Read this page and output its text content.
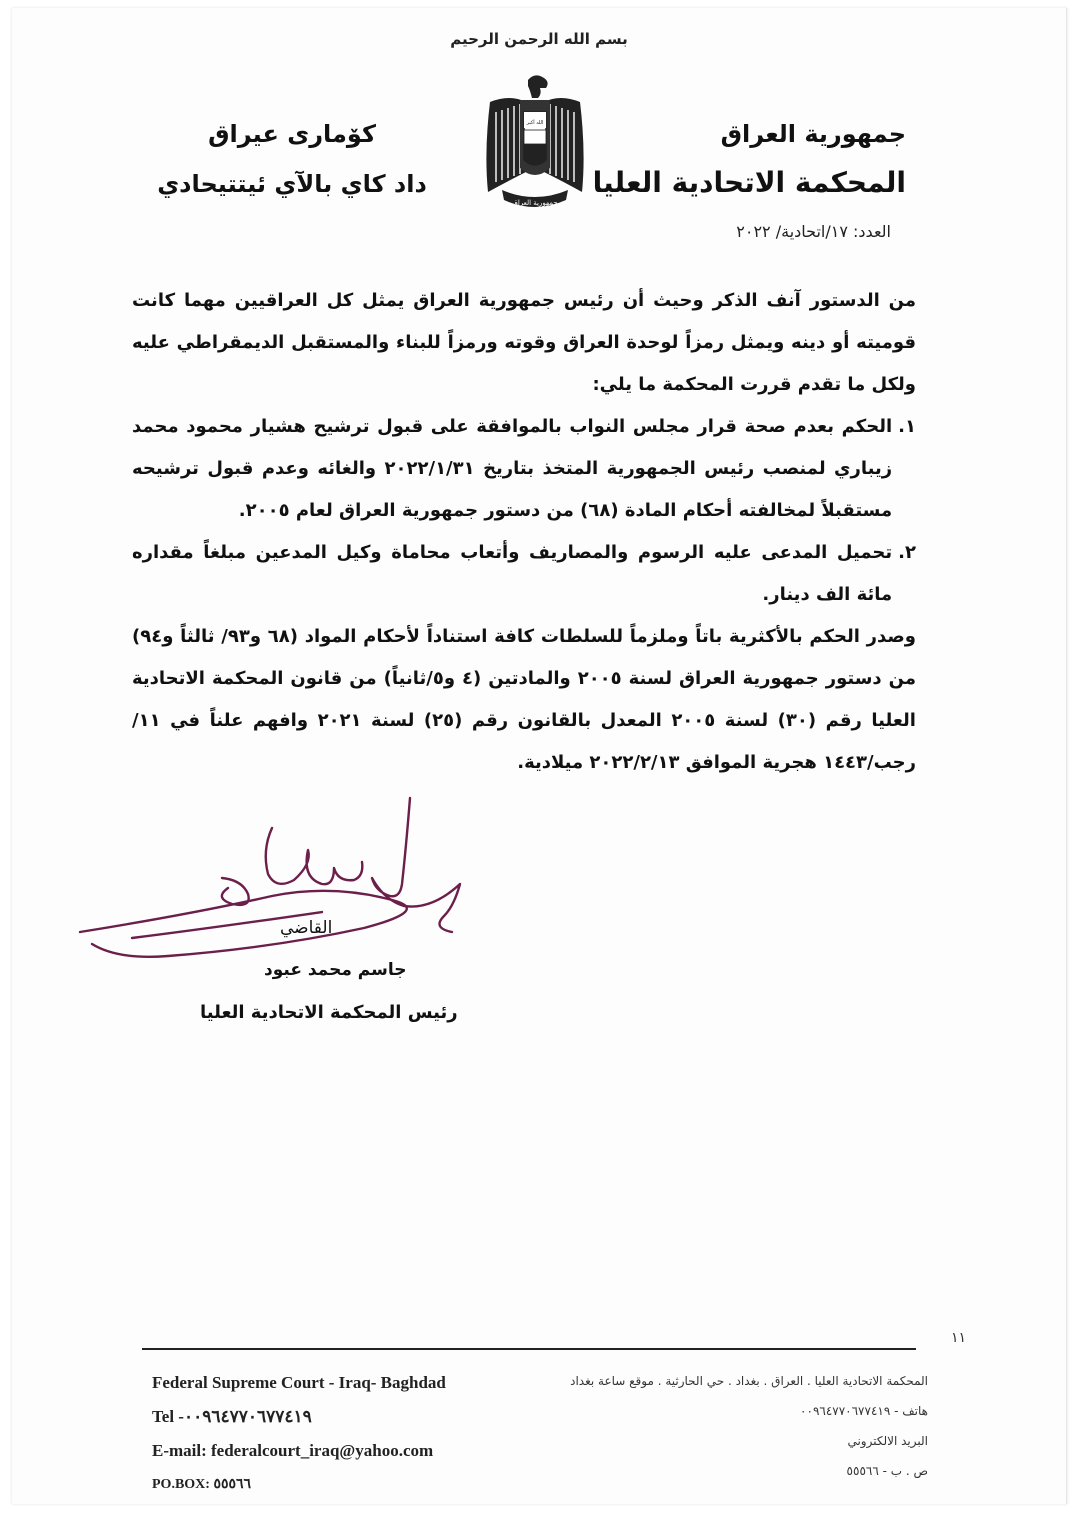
بسم الله الرحمن الرحيم
جمهورية العراق
المحكمة الاتحادية العليا
الله أكبر
جمهورية العراق
كوٚماری عيراق
داد كاي بالآي ئيتتيحادي
العدد: ١٧/اتحادية/ ٢٠٢٢

من الدستور آنف الذكر وحيث أن رئيس جمهورية العراق يمثل كل العراقيين مهما كانت قوميته أو دينه ويمثل رمزاً لوحدة العراق وقوته ورمزاً للبناء والمستقبل الديمقراطي عليه ولكل ما تقدم قررت المحكمة ما يلي:

١.
الحكم بعدم صحة قرار مجلس النواب بالموافقة على قبول ترشيح هشيار محمود محمد زيباري لمنصب رئيس الجمهورية المتخذ بتاريخ ٢٠٢٢/١/٣١ والغائه وعدم قبول ترشيحه مستقبلاً لمخالفته أحكام المادة (٦٨) من دستور جمهورية العراق لعام ٢٠٠٥.
٢.
تحميل المدعى عليه الرسوم والمصاريف وأتعاب محاماة وكيل المدعين مبلغاً مقداره مائة الف دينار.

وصدر الحكم بالأكثرية باتاً وملزماً للسلطات كافة استناداً لأحكام المواد (٦٨ و٩٣/ ثالثاً و٩٤) من دستور جمهورية العراق لسنة ٢٠٠٥ والمادتين (٤ و٥/ثانياً) من قانون المحكمة الاتحادية العليا رقم (٣٠) لسنة ٢٠٠٥ المعدل بالقانون رقم (٢٥) لسنة ٢٠٢١ وافهم علناً في ١١/رجب/١٤٤٣ هجرية الموافق ٢٠٢٢/٢/١٣ ميلادية.

القاضي
جاسم محمد عبود
رئيس المحكمة الاتحادية العليا
١١
Federal Supreme Court - Iraq- Baghdad
Tel -٠٠٩٦٤٧٧٠٦٧٧٤١٩
E-mail: federalcourt_iraq@yahoo.com
PO.BOX: ٥٥٥٦٦
المحكمة الاتحادية العليا . العراق . بغداد . حي الحارثية . موقع ساعة بغداد
هاتف - ٠٠٩٦٤٧٧٠٦٧٧٤١٩
البريد الالكتروني
ص . ب - ٥٥٥٦٦
